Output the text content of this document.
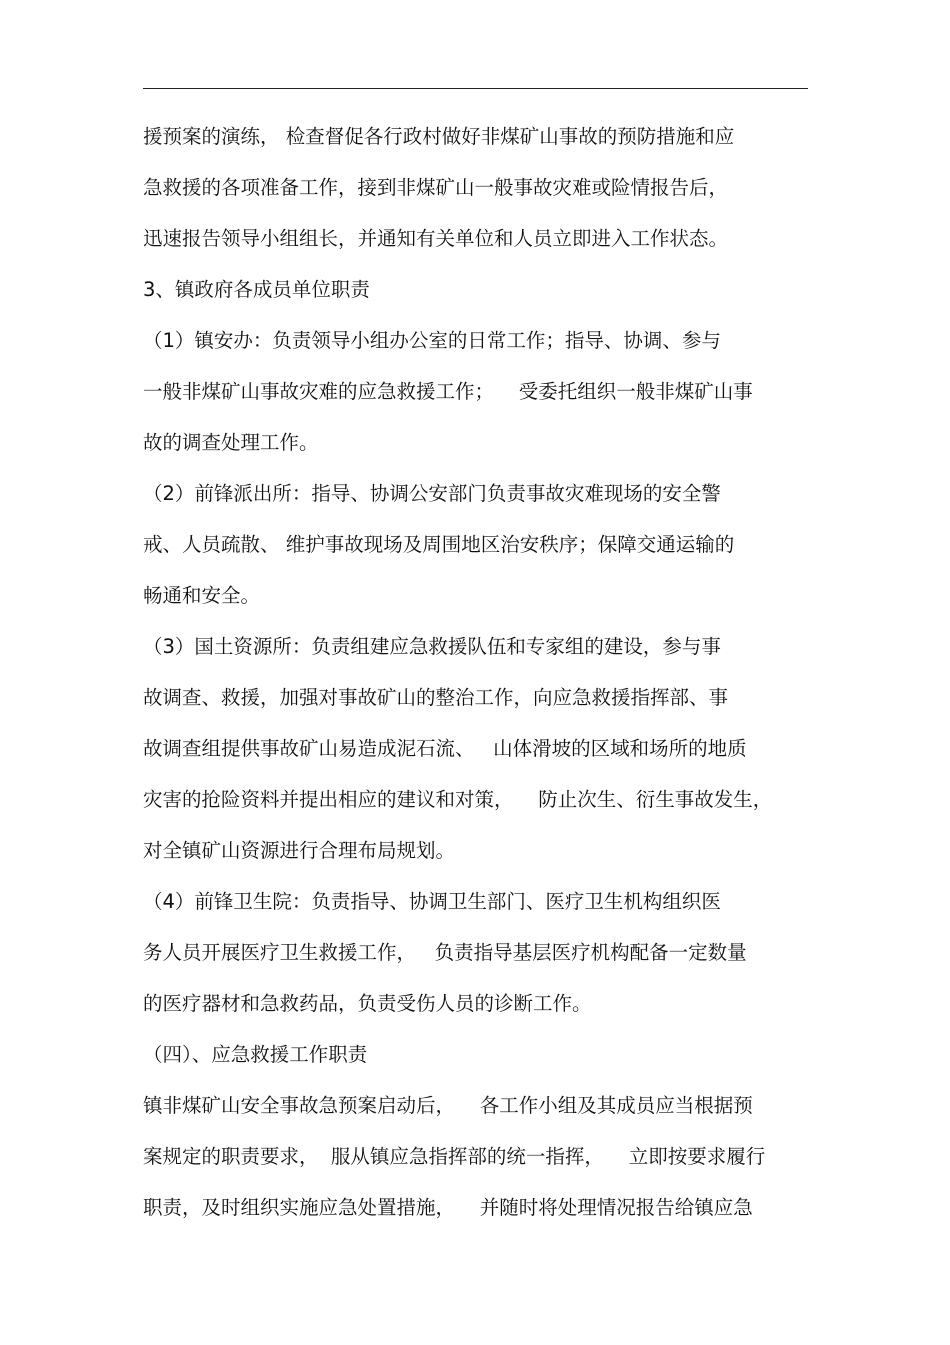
援预案的演练， 检查督促各行政村做好非煤矿山事故的预防措施和应
急救援的各项准备工作，接到非煤矿山一般事故灾难或险情报告后，
迅速报告领导小组组长，并通知有关单位和人员立即进入工作状态。
3、镇政府各成员单位职责
（1）镇安办：负责领导小组办公室的日常工作；指导、协调、参与
一般非煤矿山事故灾难的应急救援工作；    受委托组织一般非煤矿山事
故的调查处理工作。
（2）前锋派出所：指导、协调公安部门负责事故灾难现场的安全警
戒、人员疏散、 维护事故现场及周围地区治安秩序；保障交通运输的
畅通和安全。
（3）国土资源所：负责组建应急救援队伍和专家组的建设，参与事
故调查、救援，加强对事故矿山的整治工作，向应急救援指挥部、事
故调查组提供事故矿山易造成泥石流、   山体滑坡的区域和场所的地质
灾害的抢险资料并提出相应的建议和对策，    防止次生、衍生事故发生，
对全镇矿山资源进行合理布局规划。
（4）前锋卫生院：负责指导、协调卫生部门、医疗卫生机构组织医
务人员开展医疗卫生救援工作，   负责指导基层医疗机构配备一定数量
的医疗器材和急救药品，负责受伤人员的诊断工作。
（四）、应急救援工作职责
镇非煤矿山安全事故急预案启动后，    各工作小组及其成员应当根据预
案规定的职责要求，  服从镇应急指挥部的统一指挥，    立即按要求履行
职责，及时组织实施应急处置措施，    并随时将处理情况报告给镇应急
